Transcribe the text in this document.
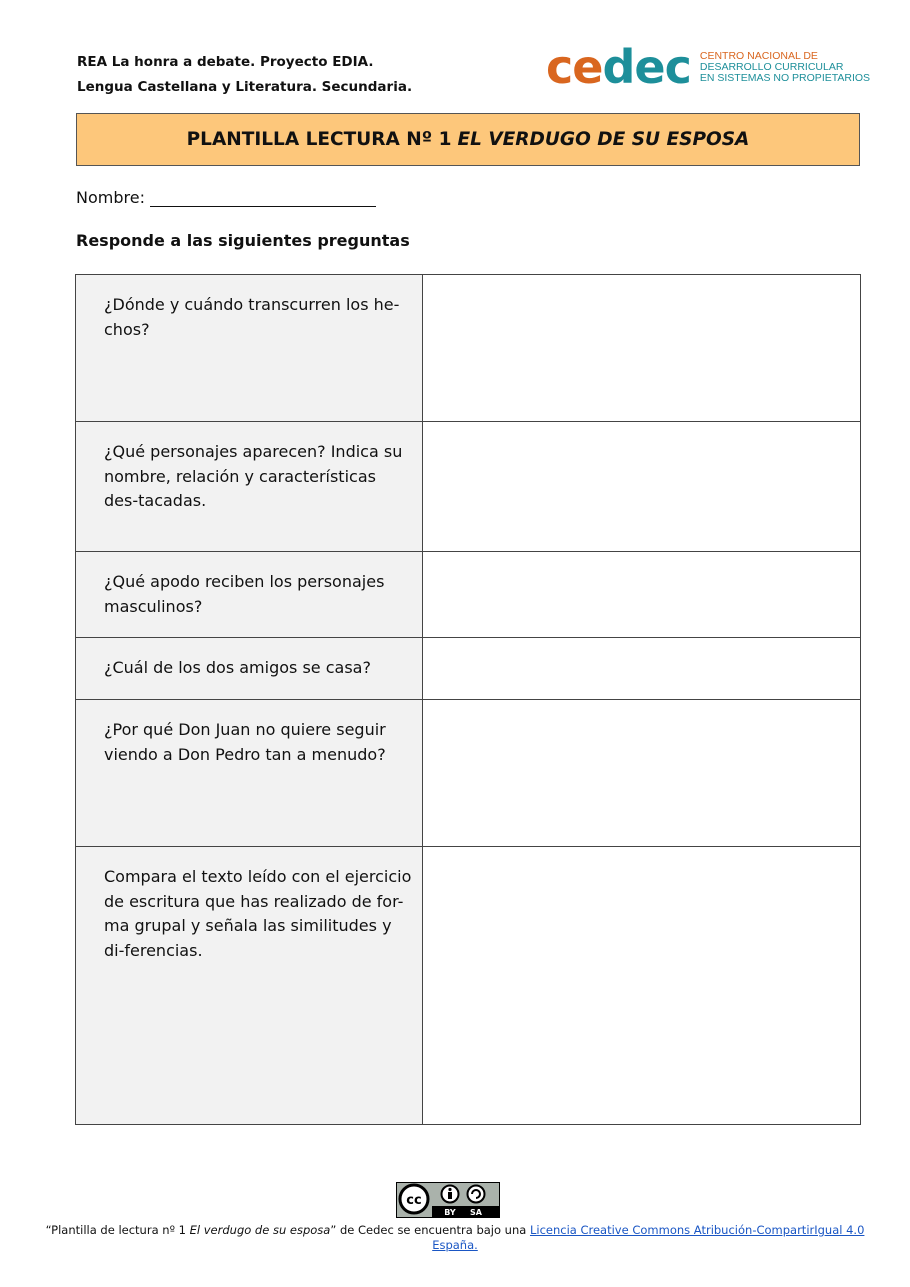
REA La honra a debate. Proyecto EDIA.
Lengua Castellana y Literatura. Secundaria.	cedec CENTRO NACIONAL DE
DESARROLLO CURRICULAR
EN SISTEMAS NO PROPIETARIOS
PLANTILLA LECTURA Nº 1 EL VERDUGO DE SU ESPOSA
Nombre:
Responde a las siguientes preguntas
¿Dónde y cuándo transcurren los he-chos?	
¿Qué personajes aparecen? Indica su nombre, relación y características des-tacadas.	
¿Qué apodo reciben los personajes masculinos?	
¿Cuál de los dos amigos se casa?	
¿Por qué Don Juan no quiere seguir viendo a Don Pedro tan a menudo?	
Compara el texto leído con el ejercicio de escritura que has realizado de for-ma grupal y señala las similitudes y di-ferencias.	
cc
BY SA
“Plantilla de lectura nº 1 El verdugo de su esposa” de Cedec se encuentra bajo una Licencia Creative Commons Atribución-CompartirIgual 4.0 España.
